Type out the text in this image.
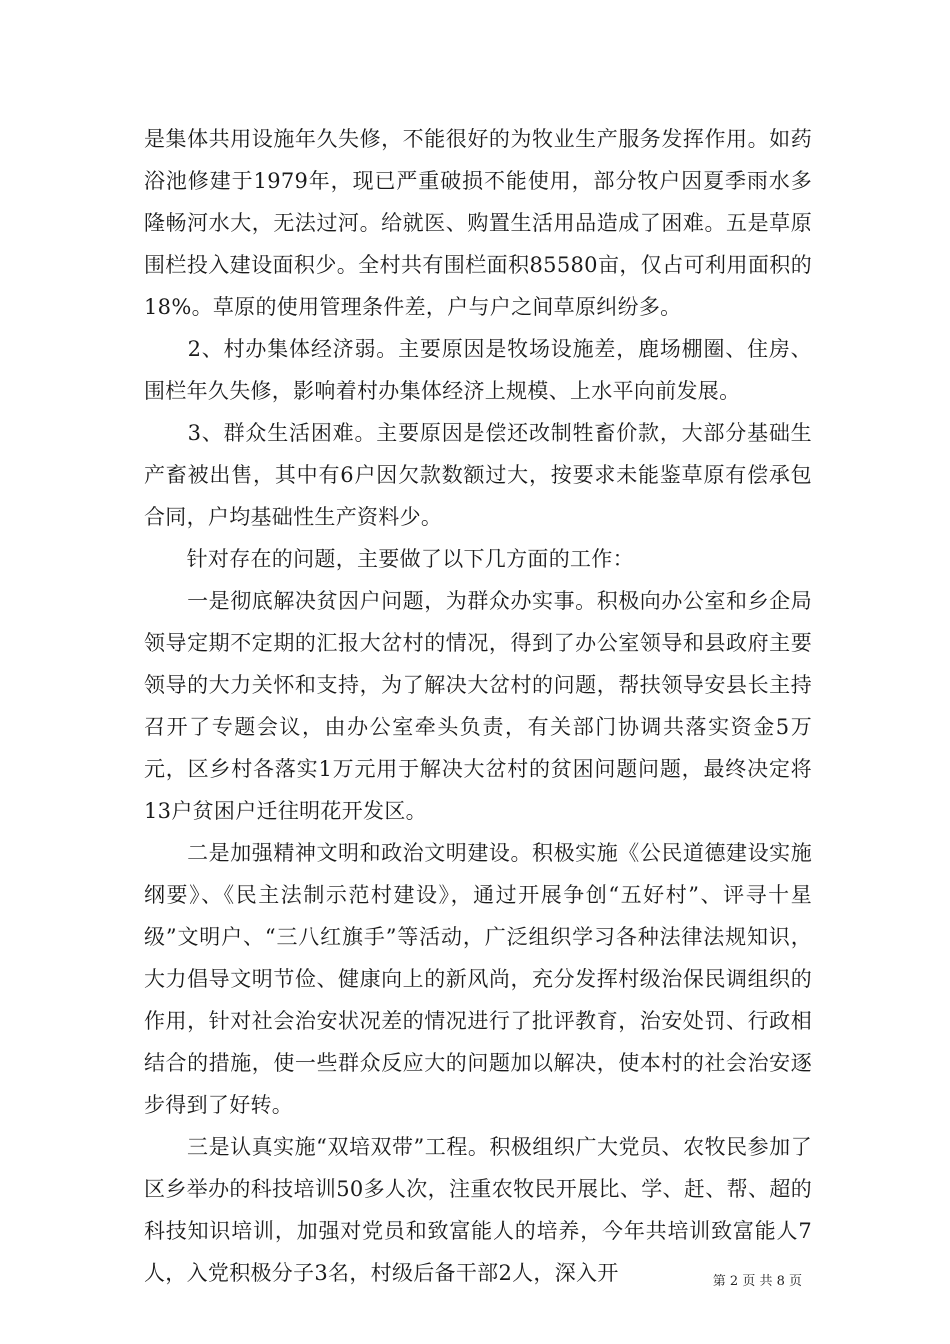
是集体共用设施年久失修，不能很好的为牧业生产服务发挥作用。如药浴池修建于1979年，现已严重破损不能使用，部分牧户因夏季雨水多隆畅河水大，无法过河。给就医、购置生活用品造成了困难。五是草原围栏投入建设面积少。全村共有围栏面积85580亩，仅占可利用面积的18%。草原的使用管理条件差，户与户之间草原纠纷多。

　　2、村办集体经济弱。主要原因是牧场设施差，鹿场棚圈、住房、围栏年久失修，影响着村办集体经济上规模、上水平向前发展。

　　3、群众生活困难。主要原因是偿还改制牲畜价款，大部分基础生产畜被出售，其中有6户因欠款数额过大，按要求未能鉴草原有偿承包合同，户均基础性生产资料少。

　　针对存在的问题，主要做了以下几方面的工作：

　　一是彻底解决贫因户问题，为群众办实事。积极向办公室和乡企局领导定期不定期的汇报大岔村的情况，得到了办公室领导和县政府主要领导的大力关怀和支持，为了解决大岔村的问题，帮扶领导安县长主持召开了专题会议，由办公室牵头负责，有关部门协调共落实资金5万元，区乡村各落实1万元用于解决大岔村的贫困问题问题，最终决定将13户贫困户迁往明花开发区。

　　二是加强精神文明和政治文明建设。积极实施《公民道德建设实施纲要》、《民主法制示范村建设》，通过开展争创“五好村”、评寻十星级”文明户、“三八红旗手”等活动，广泛组织学习各种法律法规知识，大力倡导文明节俭、健康向上的新风尚，充分发挥村级治保民调组织的作用，针对社会治安状况差的情况进行了批评教育，治安处罚、行政相结合的措施，使一些群众反应大的问题加以解决，使本村的社会治安逐步得到了好转。

　　三是认真实施“双培双带”工程。积极组织广大党员、农牧民参加了区乡举办的科技培训50多人次，注重农牧民开展比、学、赶、帮、超的科技知识培训，加强对党员和致富能人的培养，今年共培训致富能人7人，入党积极分子3名，村级后备干部2人，深入开	第 2 页 共 8 页
